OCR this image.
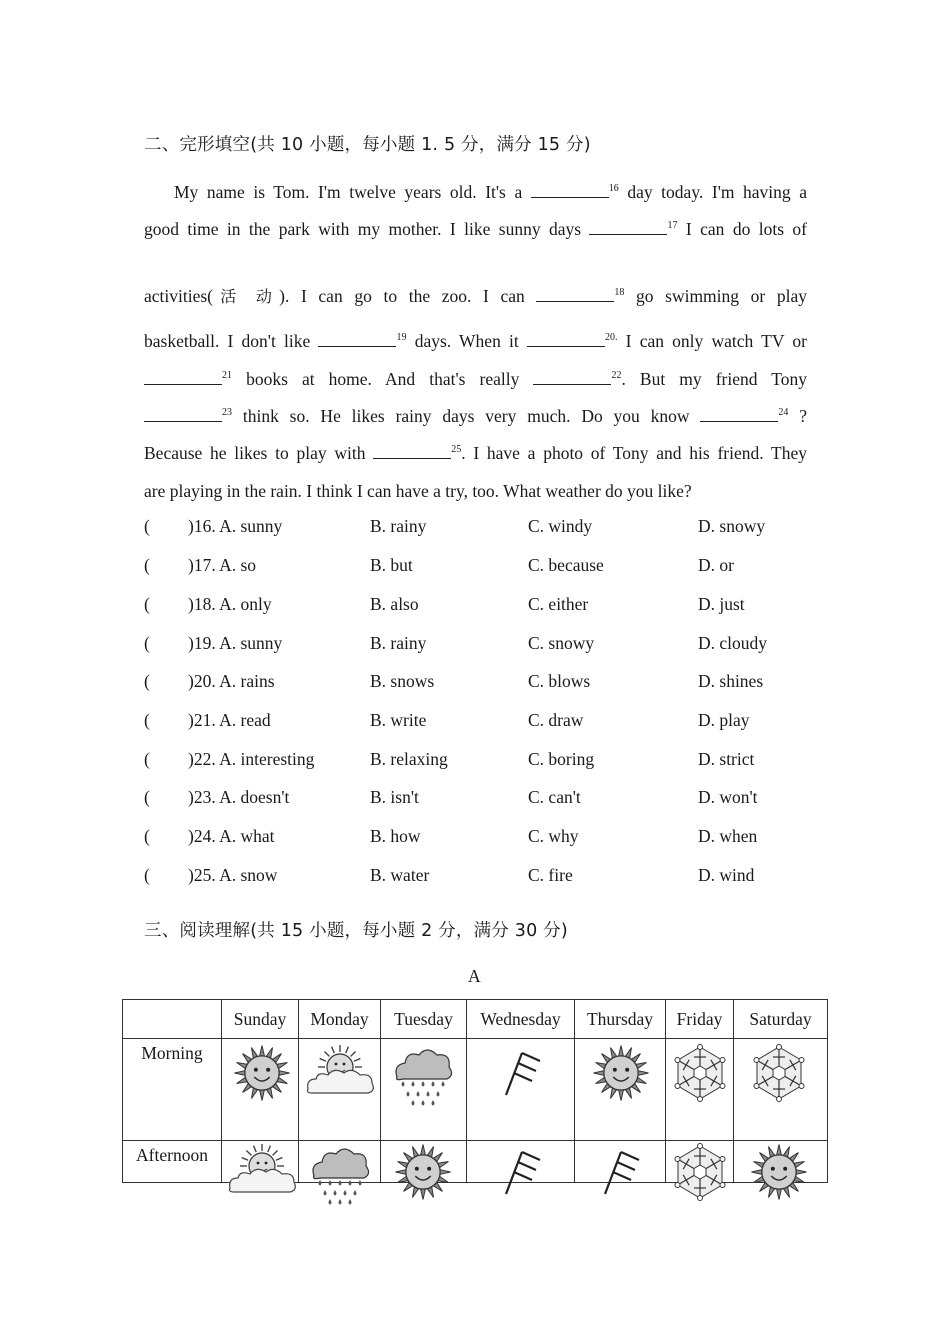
二、完形填空(共 10 小题，每小题 1. 5 分，满分 15 分)
My name is Tom. I'm twelve years old. It's a	$^{16}$ day today. I'm having a
good time in the park with my mother. I like sunny days	$^{17}$ I can do lots of
activities(活 动). I can go to the zoo. I can	$^{18}$ go swimming or play
basketball. I don't like	$^{19}$ days. When it	$^{20.}$ I can only watch TV or
$^{21}$ books at home. And that's really	$^{22}$. But my friend Tony
$^{23}$ think so. He likes rainy days very much. Do you know	$^{24}$ ?
Because he likes to play with	$^{25}$. I have a photo of Tony and his friend. They
are playing in the rain. I think I can have a try, too. What weather do you like?
( )16. A. sunny	B. rainy	C. windy	D. snowy
( )17. A. so	B. but	C. because	D. or
( )18. A. only	B. also	C. either	D. just
( )19. A. sunny	B. rainy	C. snowy	D. cloudy
( )20. A. rains	B. snows	C. blows	D. shines
( )21. A. read	B. write	C. draw	D. play
( )22. A. interesting	B. relaxing	C. boring	D. strict
( )23. A. doesn't	B. isn't	C. can't	D. won't
( )24. A. what	B. how	C. why	D. when
( )25. A. snow	B. water	C. fire	D. wind
三、阅读理解(共 15 小题，每小题 2 分，满分 30 分)
A
	Sunday	Monday	Tuesday	Wednesday	Thursday	Friday	Saturday
Morning							
Afternoon							
